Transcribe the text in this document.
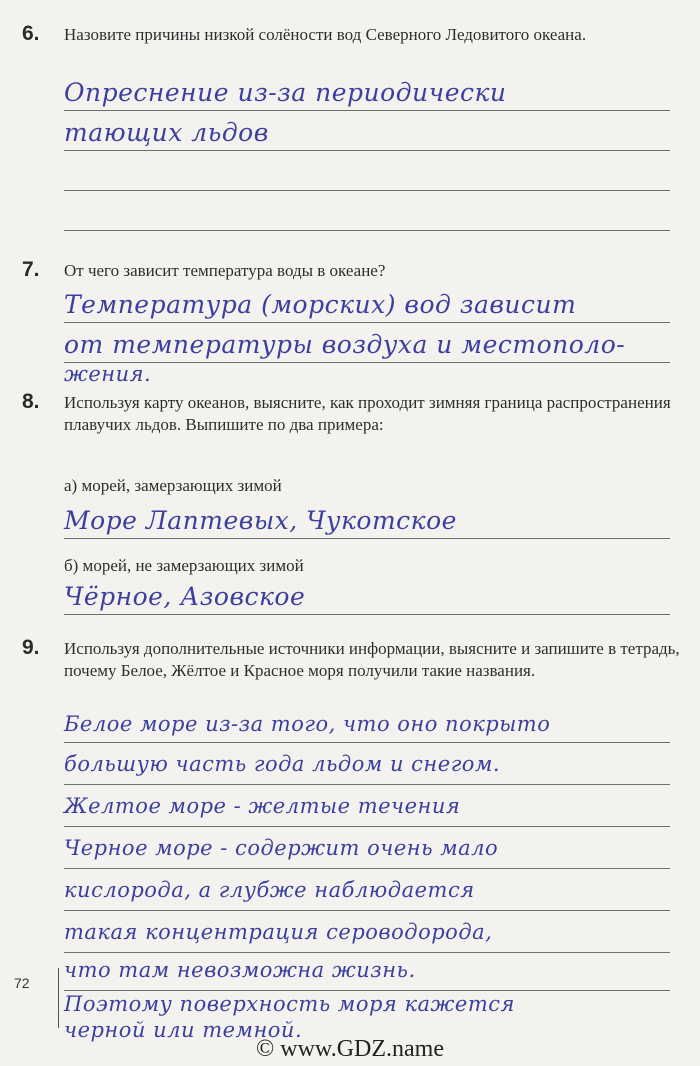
6. Назовите причины низкой солёности вод Северного Ледовитого океана.
Опреснение из-за периодически
тающих льдов
7. От чего зависит температура воды в океане?
Температура (морских) вод зависит
от температуры воздуха и местополо-
жения.
8. Используя карту океанов, выясните, как проходит зимняя граница распространения плавучих льдов. Выпишите по два примера:
а) морей, замерзающих зимой
Море Лаптевых, Чукотское
б) морей, не замерзающих зимой
Чёрное, Азовское
9. Используя дополнительные источники информации, выясните и запишите в тетрадь, почему Белое, Жёлтое и Красное моря получили такие названия.
Белое море из-за того, что оно покрыто
большую часть года льдом и снегом.
Желтое море - желтые течения
Черное море - содержит очень мало
кислорода, а глубже наблюдается
такая концентрация сероводорода,
что там невозможна жизнь.
Поэтому поверхность моря кажется
черной или темной.
72
© www.GDZ.name
